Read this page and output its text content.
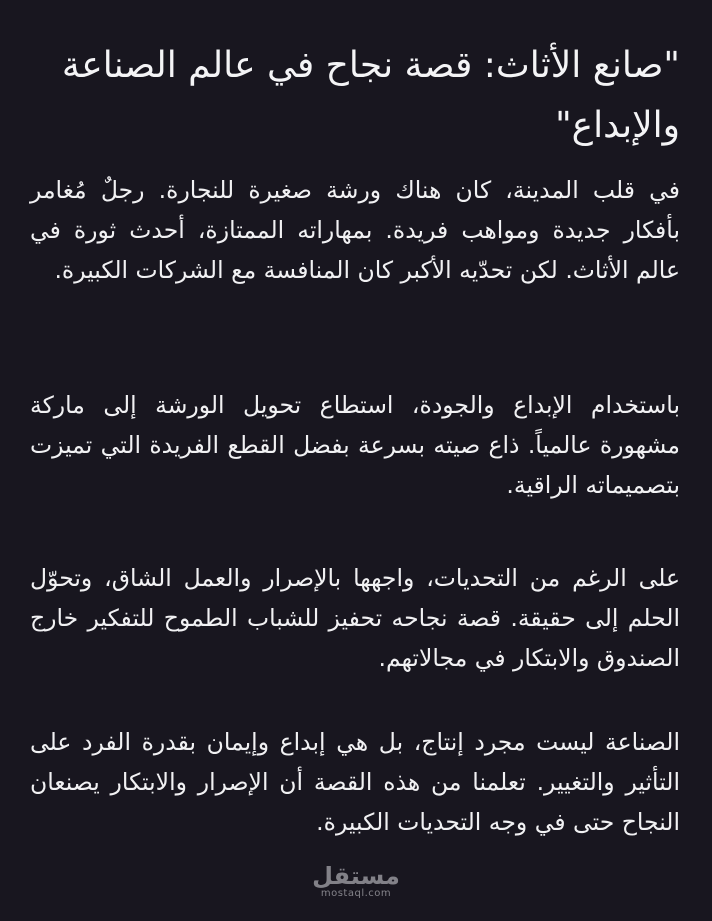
"صانع الأثاث: قصة نجاح في عالم الصناعة والإبداع"

في قلب المدينة، كان هناك ورشة صغيرة للنجارة. رجلٌ مُغامر بأفكار جديدة ومواهب فريدة. بمهاراته الممتازة، أحدث ثورة في عالم الأثاث. لكن تحدّيه الأكبر كان المنافسة مع الشركات الكبيرة.

باستخدام الإبداع والجودة، استطاع تحويل الورشة إلى ماركة مشهورة عالمياً. ذاع صيته بسرعة بفضل القطع الفريدة التي تميزت بتصميماته الراقية.

على الرغم من التحديات، واجهها بالإصرار والعمل الشاق، وتحوّل الحلم إلى حقيقة. قصة نجاحه تحفيز للشباب الطموح للتفكير خارج الصندوق والابتكار في مجالاتهم.

الصناعة ليست مجرد إنتاج، بل هي إبداع وإيمان بقدرة الفرد على التأثير والتغيير. تعلمنا من هذه القصة أن الإصرار والابتكار يصنعان النجاح حتى في وجه التحديات الكبيرة.

مستقل
mostaql.com
